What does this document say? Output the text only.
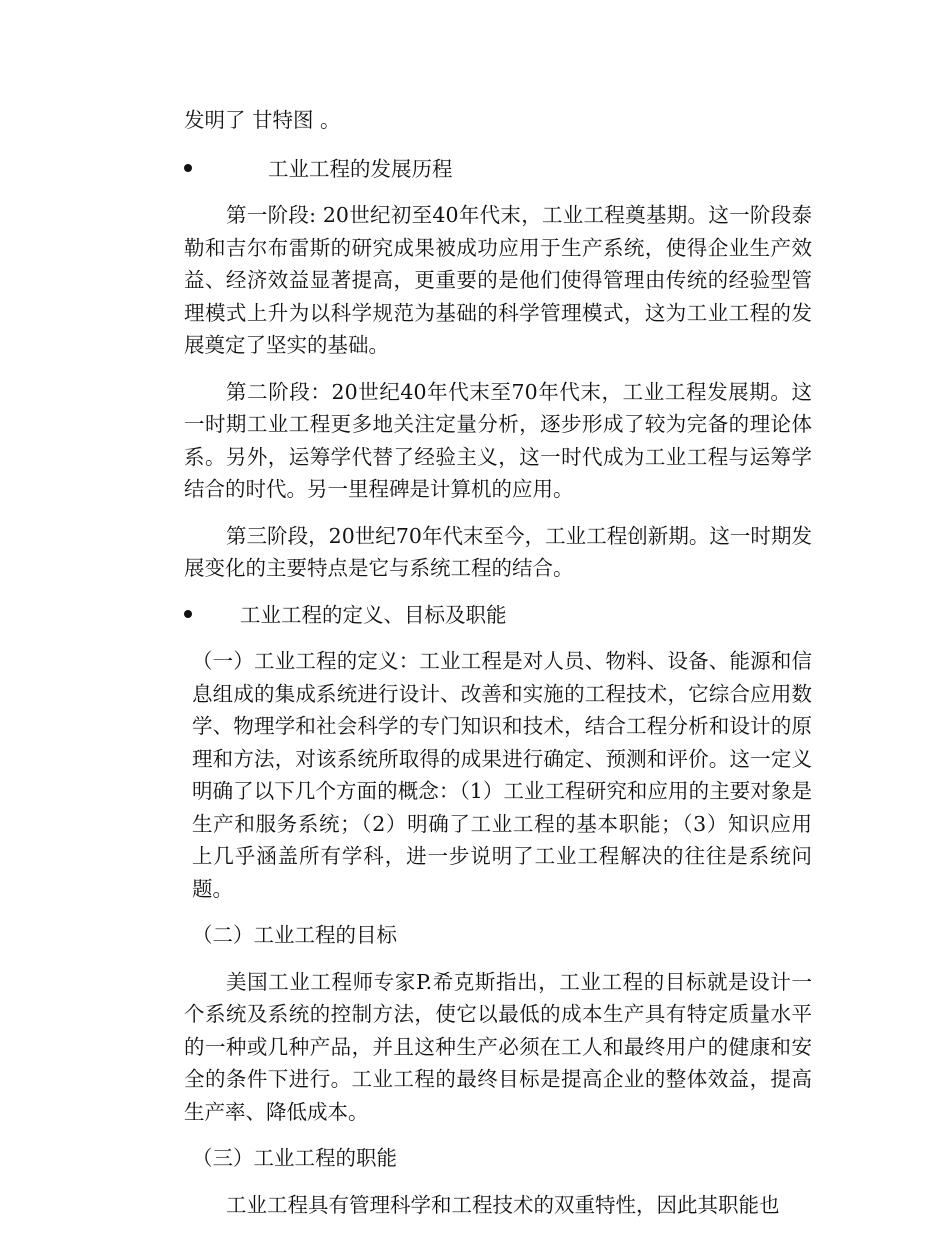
发明了 甘特图 。

工业工程的发展历程

第一阶段: 20世纪初至40年代末，工业工程奠基期。这一阶段泰勒和吉尔布雷斯的研究成果被成功应用于生产系统，使得企业生产效益、经济效益显著提高，更重要的是他们使得管理由传统的经验型管理模式上升为以科学规范为基础的科学管理模式，这为工业工程的发展奠定了坚实的基础。

第二阶段：20世纪40年代末至70年代末，工业工程发展期。这一时期工业工程更多地关注定量分析，逐步形成了较为完备的理论体系。另外，运筹学代替了经验主义，这一时代成为工业工程与运筹学结合的时代。另一里程碑是计算机的应用。

第三阶段，20世纪70年代末至今，工业工程创新期。这一时期发展变化的主要特点是它与系统工程的结合。

工业工程的定义、目标及职能

（一）工业工程的定义：工业工程是对人员、物料、设备、能源和信息组成的集成系统进行设计、改善和实施的工程技术，它综合应用数学、物理学和社会科学的专门知识和技术，结合工程分析和设计的原理和方法，对该系统所取得的成果进行确定、预测和评价。这一定义明确了以下几个方面的概念：（1）工业工程研究和应用的主要对象是生产和服务系统；（2）明确了工业工程的基本职能；（3）知识应用上几乎涵盖所有学科，进一步说明了工业工程解决的往往是系统问题。

（二）工业工程的目标

美国工业工程师专家P.希克斯指出，工业工程的目标就是设计一个系统及系统的控制方法，使它以最低的成本生产具有特定质量水平的一种或几种产品，并且这种生产必须在工人和最终用户的健康和安全的条件下进行。工业工程的最终目标是提高企业的整体效益，提高生产率、降低成本。

（三）工业工程的职能

工业工程具有管理科学和工程技术的双重特性，因此其职能也
